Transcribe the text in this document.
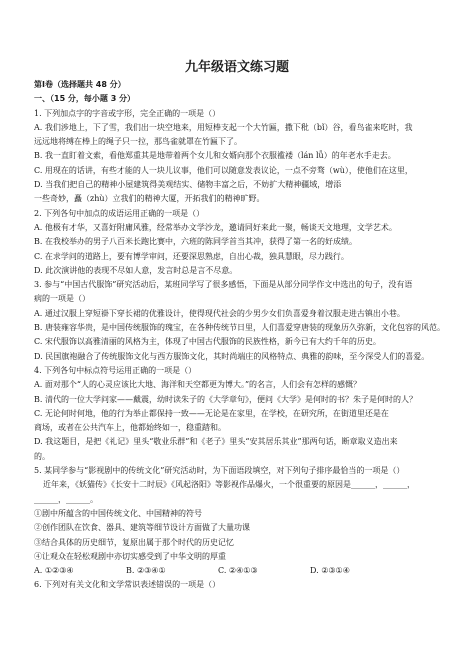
九年级语文练习题
第Ⅰ卷（选择题共 48 分）
一、（15 分，每小题 3 分）
1. 下列加点字的字音或字形，完全正确的一项是（）
A. 我们涉地上，下了雪，我们出一块空地来，用短棒支起一个大竹匾，撒下秕（bǐ）谷，看鸟雀来吃时，我
远远地将缚在棒上的绳子只一拉，那鸟雀就罩在竹匾下了。
B. 我一直盯着文索，看他郑重其是地带着两个女儿和女婿向那个衣服褴褛（lán lǚ）的年老水手走去。
C. 用现在的话讲，有些才能的人一块儿议事，他们可以随意发表议论，一点不旁骛（wù），使他们在这里，
D. 当我们把自己的精神小屋建筑得美观结实、储物丰富之后，不妨扩大精神疆域，增添
一些奇妙，矗（zhù）立我们的精神大厦，开拓我们的精神旷野。
2. 下列各句中加点的成语运用正确的一项是（）
A. 他极有才华，又喜好附庸风雅，经常举办文学沙龙，邀请同好来此一聚，畅谈天文地理，文学艺术。
B. 在我校举办的男子八百米长跑比赛中，六班的陈同学首当其冲，获得了第一名的好成绩。
C. 在求学问的道路上，要有博学审问，还要深思熟虑，自出心裁，独具慧眼，尽力践行。
D. 此次演讲他的表现不尽如人意，发言时总是言不尽意。
3. 参与“中国古代服饰”研究活动后，某班同学写了很多感悟，下面是从部分同学作文中选出的句子，没有语
病的一项是（）
A. 通过汉服上穿短褂下穿长裙的优雅设计，使得现代社会的少男少女们负喜爱身着汉服走进古镇出小巷。
B. 唐装雍容华贵，是中国传统服饰的瑰宝，在各种传统节日里，人们喜爱穿唐装的现象历久弥新，文化包容的风范。
C. 宋代服饰以高雅清丽的风格为主，体现了中国古代服饰的民族性格，新今已有大约千年的历史。
D. 民国旗袍融合了传统服饰文化与西方服饰文化，其时尚端庄的风格特点、典雅的韵味，至今深受人们的喜爱。
4. 下列各句中标点符号运用正确的一项是（）
A. 面对那个“人的心灵应该比大地、海洋和天空都更为博大。”的名言，人们会有怎样的感慨？
B. 清代的一位大学问家——戴震，幼时读朱子的《大学章句》，便问《大学》是何时的书？朱子是何时的人？
C. 无论何时何地，他的行为举止都保持一致——无论是在家里，在学校，在研究所，在街道里还是在
商场，或者在公共汽车上，他都始终如一，稳重踏和。
D. 我这题目，是把《礼记》里头“敬业乐群”和《老子》里头“安其居乐其业”那两句话，断章取义造出来
的。
5. 某同学参与“影视剧中的传统文化”研究活动时，为下面语段填空，对下列句子排序最恰当的一项是（）
近年来，《妖猫传》《长安十二时辰》《风起洛阳》等影视作品爆火，一个很重要的原因是______，______，
______，______。
①剧中所蕴含的中国传统文化、中国精神的符号
②创作团队在饮食、器具、建筑等细节设计方面做了大量功课
③结合具体的历史细节，复原出属于那个时代的历史记忆
④让观众在轻松观剧中亦切实感受到了中华文明的厚重
A. ①②③④	B. ②③④①	C. ②④①③	D. ②③①④
6. 下列对有关文化和文学常识表述错误的一项是（）
